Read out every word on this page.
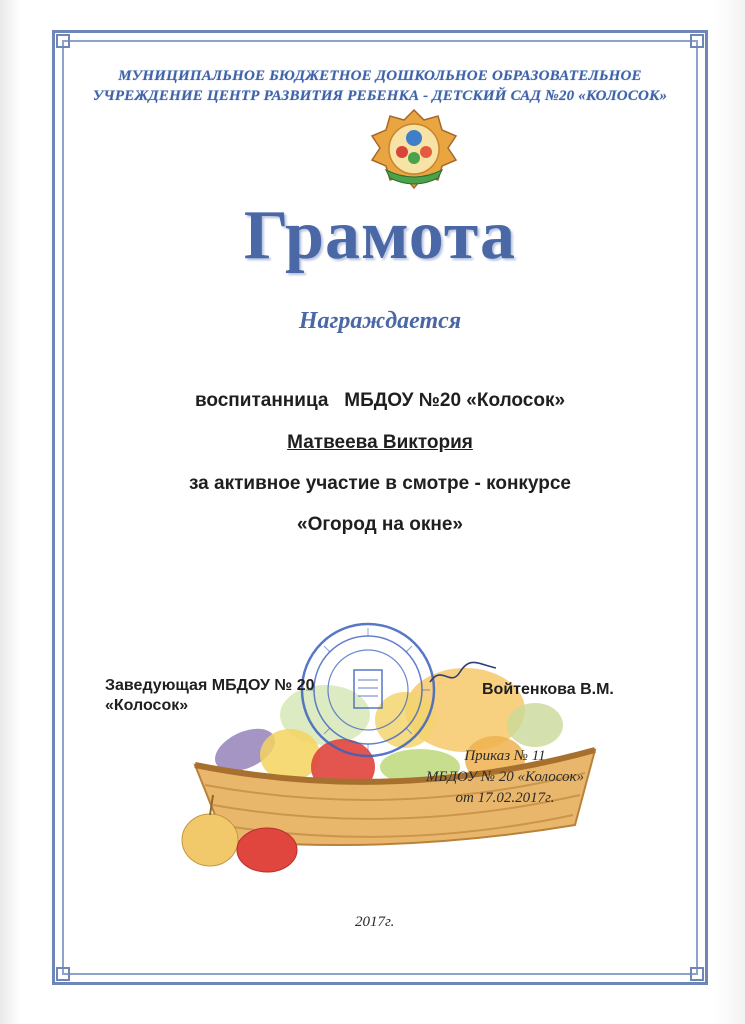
МУНИЦИПАЛЬНОЕ БЮДЖЕТНОЕ ДОШКОЛЬНОЕ ОБРАЗОВАТЕЛЬНОЕ
УЧРЕЖДЕНИЕ ЦЕНТР РАЗВИТИЯ РЕБЕНКА - ДЕТСКИЙ САД №20 «КОЛОСОК»
Грамота
Награждается
воспитанница   МБДОУ №20 «Колосок»
Матвеева Виктория
за активное участие в смотре - конкурсе
«Огород на окне»
Заведующая МБДОУ № 20
«Колосок»
Войтенкова В.М.
Приказ № 11
МБДОУ № 20 «Колосок»
от 17.02.2017г.
2017г.
